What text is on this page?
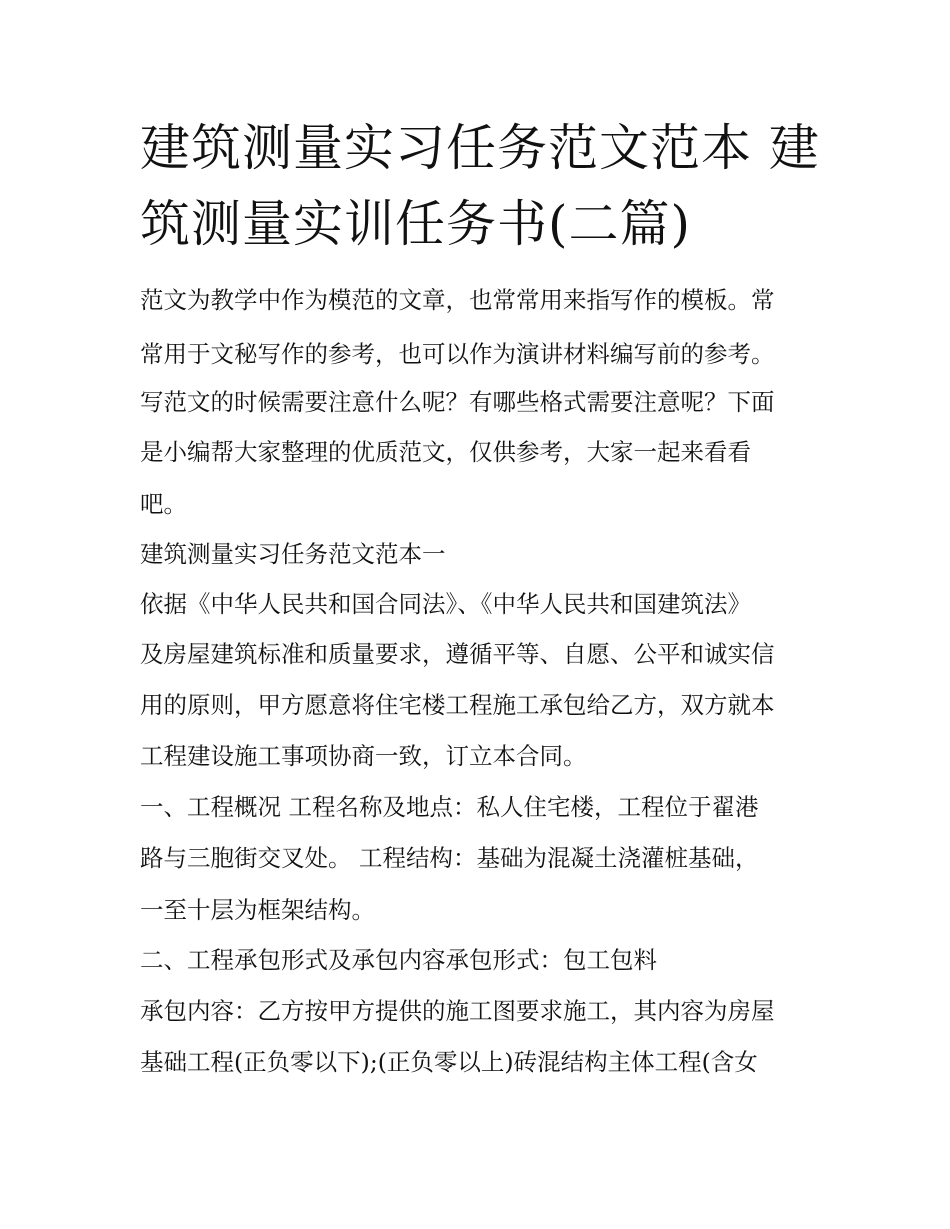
建筑测量实习任务范文范本 建
筑测量实训任务书(二篇)

范文为教学中作为模范的文章，也常常用来指写作的模板。常

常用于文秘写作的参考，也可以作为演讲材料编写前的参考。

写范文的时候需要注意什么呢？有哪些格式需要注意呢？下面

是小编帮大家整理的优质范文，仅供参考，大家一起来看看

吧。

建筑测量实习任务范文范本一

依据《中华人民共和国合同法》、《中华人民共和国建筑法》

及房屋建筑标准和质量要求，遵循平等、自愿、公平和诚实信

用的原则，甲方愿意将住宅楼工程施工承包给乙方，双方就本

工程建设施工事项协商一致，订立本合同。

一、工程概况 工程名称及地点：私人住宅楼，工程位于翟港

路与三胞街交叉处。 工程结构：基础为混凝土浇灌桩基础，

一至十层为框架结构。

二、工程承包形式及承包内容承包形式：包工包料

承包内容：乙方按甲方提供的施工图要求施工，其内容为房屋

基础工程(正负零以下);(正负零以上)砖混结构主体工程(含女
